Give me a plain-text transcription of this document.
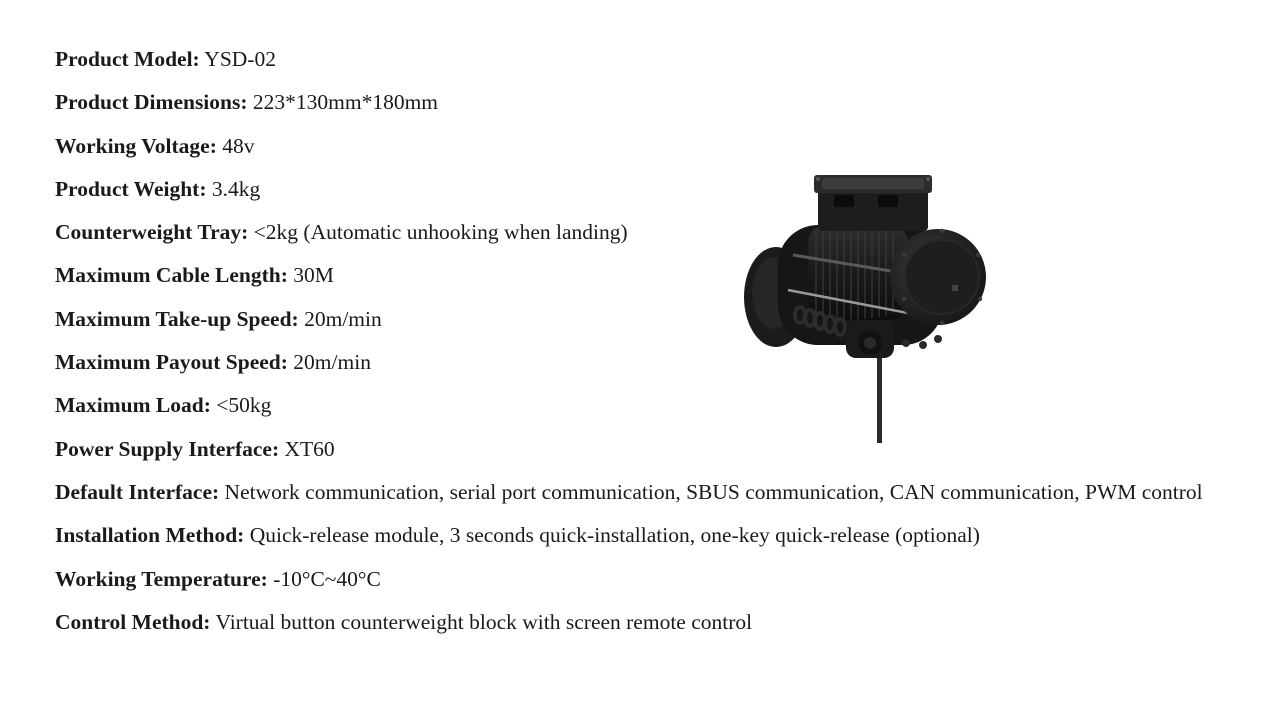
Product Model: YSD-02
Product Dimensions: 223*130mm*180mm
Working Voltage: 48v
Product Weight: 3.4kg
Counterweight Tray: <2kg (Automatic unhooking when landing)
Maximum Cable Length: 30M
Maximum Take-up Speed: 20m/min
Maximum Payout Speed: 20m/min
Maximum Load: <50kg
Power Supply Interface: XT60
Default Interface: Network communication, serial port communication, SBUS communication, CAN communication, PWM control
Installation Method: Quick-release module, 3 seconds quick-installation, one-key quick-release (optional)
Working Temperature: -10°C~40°C
Control Method: Virtual button counterweight block with screen remote control
